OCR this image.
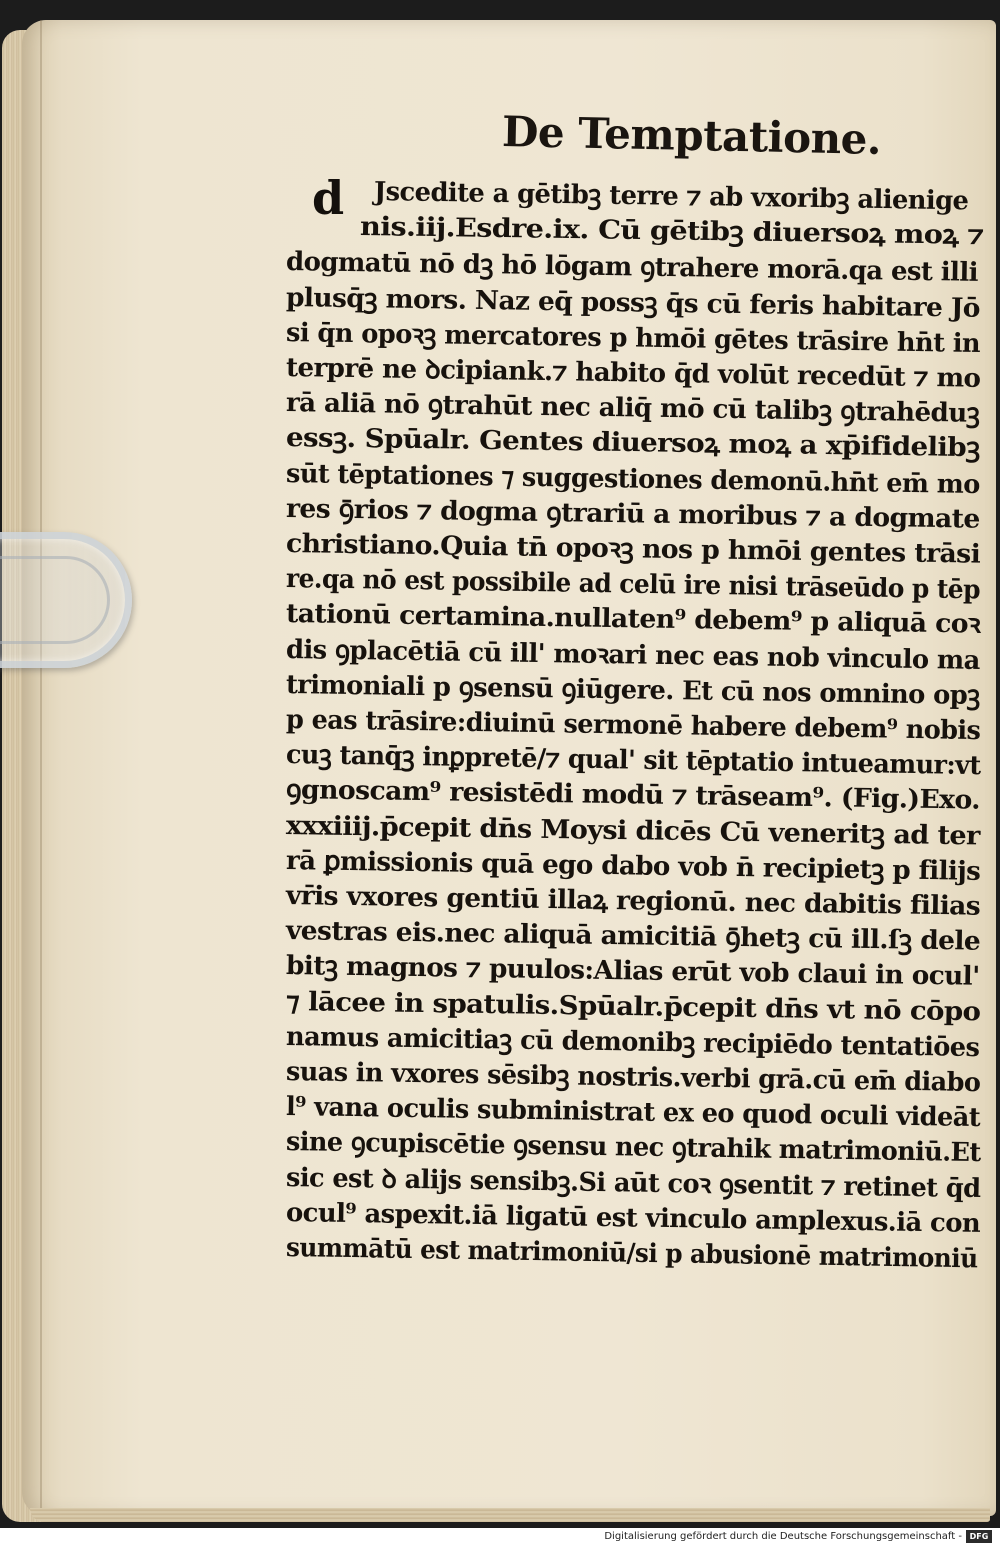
De Temptatione.
d	Jscedite a gētibꝫ terre ⁊ ab vxoribꝫ alienige
nis.iij.Esdre.ix. Cū gētibꝫ diuersoꝝ moꝝ ⁊
dogmatū nō dꝫ hō lōgam ꝯtrahere morā.qa est illi
plusq̄ꝫ mors. Naz eq̄ possꝫ q̄s cū feris habitare Jō
si q̄n opoꝛꝫ mercatores p hmōi gētes trāsire hn̄t in
terprē ne ꝺcipiank.⁊ habito q̄d volūt recedūt ⁊ mo
rā aliā nō ꝯtrahūt nec aliq̄ mō cū talibꝫ ꝯtrahēduꝫ
essꝫ. Spūalr. Gentes diuersoꝝ moꝝ a xp̄ifidelibꝫ
sūt tēptationes ⁊ suggestiones demonū.hn̄t em̄ mo
res ꝯ̄rios ⁊ dogma ꝯtrariū a moribus ⁊ a dogmate
christiano.Quia tn̄ opoꝛꝫ nos p hmōi gentes trāsi
re.qa nō est possibile ad celū ire nisi trāseūdo p tēp
tationū certamina.nullaten⁹ debem⁹ p aliquā coꝛ
dis ꝯplacētiā cū ill' moꝛari nec eas nob vinculo ma
trimoniali p ꝯsensū ꝯiūgere. Et cū nos omnino opꝫ
p eas trāsire:diuinū sermonē habere debem⁹ nobis
cuꝫ tanq̄ꝫ inꝑpretē/⁊ qual' sit tēptatio intueamur:vt
ꝯgnoscam⁹ resistēdi modū ⁊ trāseam⁹. (Fig.)Exo.
xxxiiij.p̄cepit dn̄s Moysi dicēs Cū veneritꝫ ad ter
rā ꝑmissionis quā ego dabo vob n̄ recipietꝫ p filijs
vr̄is vxores gentiū illaꝝ regionū. nec dabitis filias
vestras eis.nec aliquā amicitiā ꝯ̄hetꝫ cū ill.ſꝫ dele
bitꝫ magnos ⁊ puulos:Alias erūt vob claui in ocul'
⁊ lācee in spatulis.Spūalr.p̄cepit dn̄s vt nō cōpo
namus amicitiaꝫ cū demonibꝫ recipiēdo tentatiōes
suas in vxores sēsibꝫ nostris.verbi grā.cū em̄ diabo
l⁹ vana oculis subministrat ex eo quod oculi videāt
sine ꝯcupiscētie ꝯsensu nec ꝯtrahik matrimoniū.Et
sic est ꝺ alijs sensibꝫ.Si aūt coꝛ ꝯsentit ⁊ retinet q̄d
ocul⁹ aspexit.iā ligatū est vinculo amplexus.iā con
summātū est matrimoniū/si p abusionē matrimoniū
Digitalisierung gefördert durch die Deutsche Forschungsgemeinschaft - DFG
